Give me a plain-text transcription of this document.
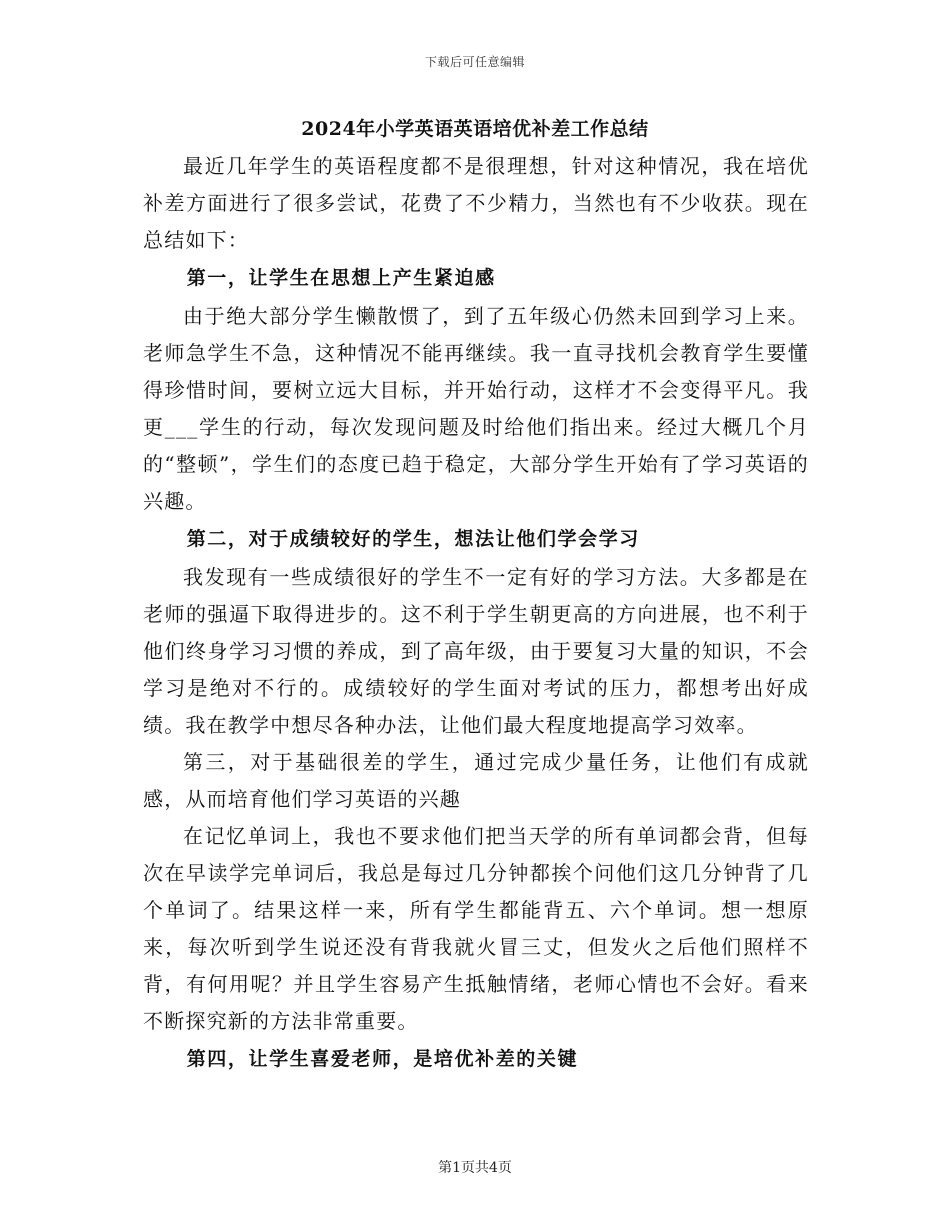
下载后可任意编辑
2024年小学英语英语培优补差工作总结

最近几年学生的英语程度都不是很理想，针对这种情况，我在培优补差方面进行了很多尝试，花费了不少精力，当然也有不少收获。现在总结如下：

第一，让学生在思想上产生紧迫感

由于绝大部分学生懒散惯了，到了五年级心仍然未回到学习上来。老师急学生不急，这种情况不能再继续。我一直寻找机会教育学生要懂得珍惜时间，要树立远大目标，并开始行动，这样才不会变得平凡。我更___学生的行动，每次发现问题及时给他们指出来。经过大概几个月的“整顿”，学生们的态度已趋于稳定，大部分学生开始有了学习英语的兴趣。

第二，对于成绩较好的学生，想法让他们学会学习

我发现有一些成绩很好的学生不一定有好的学习方法。大多都是在老师的强逼下取得进步的。这不利于学生朝更高的方向进展，也不利于他们终身学习习惯的养成，到了高年级，由于要复习大量的知识，不会学习是绝对不行的。成绩较好的学生面对考试的压力，都想考出好成绩。我在教学中想尽各种办法，让他们最大程度地提高学习效率。

第三，对于基础很差的学生，通过完成少量任务，让他们有成就感，从而培育他们学习英语的兴趣

在记忆单词上，我也不要求他们把当天学的所有单词都会背，但每次在早读学完单词后，我总是每过几分钟都挨个问他们这几分钟背了几个单词了。结果这样一来，所有学生都能背五、六个单词。想一想原来，每次听到学生说还没有背我就火冒三丈，但发火之后他们照样不背，有何用呢？并且学生容易产生抵触情绪，老师心情也不会好。看来不断探究新的方法非常重要。

第四，让学生喜爱老师，是培优补差的关键

第1页共4页
